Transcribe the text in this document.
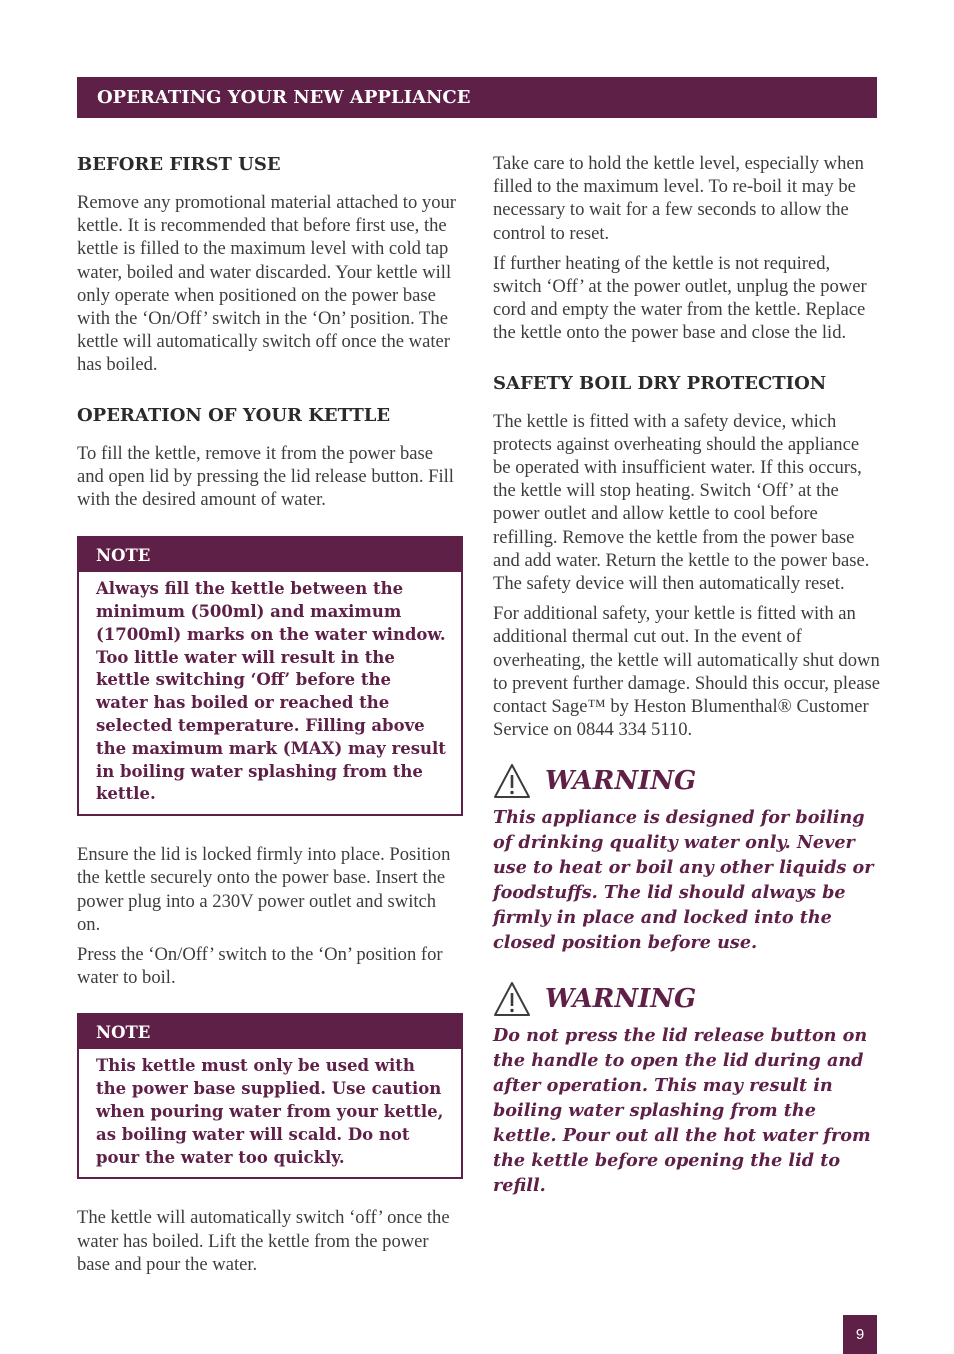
OPERATING YOUR NEW APPLIANCE
BEFORE FIRST USE

Remove any promotional material attached to your kettle. It is recommended that before first use, the kettle is filled to the maximum level with cold tap water, boiled and water discarded. Your kettle will only operate when positioned on the power base with the ‘On/Off’ switch in the ‘On’ position. The kettle will automatically switch off once the water has boiled.

OPERATION OF YOUR KETTLE

To fill the kettle, remove it from the power base and open lid by pressing the lid release button. Fill with the desired amount of water.

NOTE
Always fill the kettle between the minimum (500ml) and maximum (1700ml) marks on the water window. Too little water will result in the kettle switching ‘Off’ before the water has boiled or reached the selected temperature. Filling above the maximum mark (MAX) may result in boiling water splashing from the kettle.

Ensure the lid is locked firmly into place. Position the kettle securely onto the power base. Insert the power plug into a 230V power outlet and switch on.

Press the ‘On/Off’ switch to the ‘On’ position for water to boil.

NOTE
This kettle must only be used with the power base supplied. Use caution when pouring water from your kettle, as boiling water will scald. Do not pour the water too quickly.

The kettle will automatically switch ‘off’ once the water has boiled. Lift the kettle from the power base and pour the water.

Take care to hold the kettle level, especially when filled to the maximum level. To re-boil it may be necessary to wait for a few seconds to allow the control to reset.

If further heating of the kettle is not required, switch ‘Off’ at the power outlet, unplug the power cord and empty the water from the kettle. Replace the kettle onto the power base and close the lid.

SAFETY BOIL DRY PROTECTION

The kettle is fitted with a safety device, which protects against overheating should the appliance be operated with insufficient water. If this occurs, the kettle will stop heating. Switch ‘Off’ at the power outlet and allow kettle to cool before refilling. Remove the kettle from the power base and add water. Return the kettle to the power base. The safety device will then automatically reset.

For additional safety, your kettle is fitted with an additional thermal cut out. In the event of overheating, the kettle will automatically shut down to prevent further damage. Should this occur, please contact Sage™ by Heston Blumenthal® Customer Service on 0844 334 5110.

WARNING

This appliance is designed for boiling of drinking quality water only. Never use to heat or boil any other liquids or foodstuffs. The lid should always be firmly in place and locked into the closed position before use.

WARNING

Do not press the lid release button on the handle to open the lid during and after operation. This may result in boiling water splashing from the kettle. Pour out all the hot water from the kettle before opening the lid to refill.

9
